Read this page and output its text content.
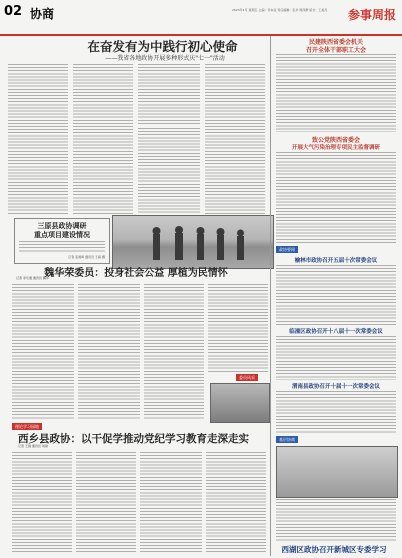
02 协商	2023年1月 星期五 主编：李东亚 责任编辑：张华 周泽群 版式：王美丹	参事周报
在奋发有为中践行初心使命
——我省各地政协开展多种形式庆"七一"活动
三原县政协调研
重点项目建设情况
记者 张晨鸣 通讯员 王娟 摄
魏华荣委员：投身社会公益 厚植为民情怀
记者 李乐通 通讯员 魏华
委员风采
理论学习园地
西乡县政协：以干促学推动党纪学习教育走深走实
记者 王晨 通讯员 刘建
民建陕西省委会机关
召开全体干部职工大会
致公党陕西省委会
开展大气污染治理专项民主监督调研
政协要闻
榆林市政协召开五届十次常委会议
临潼区政协召开十八届十一次常委会议
渭南县政协召开十届十一次常委会议
基层协商
西湖区政协召开新城区专委学习
